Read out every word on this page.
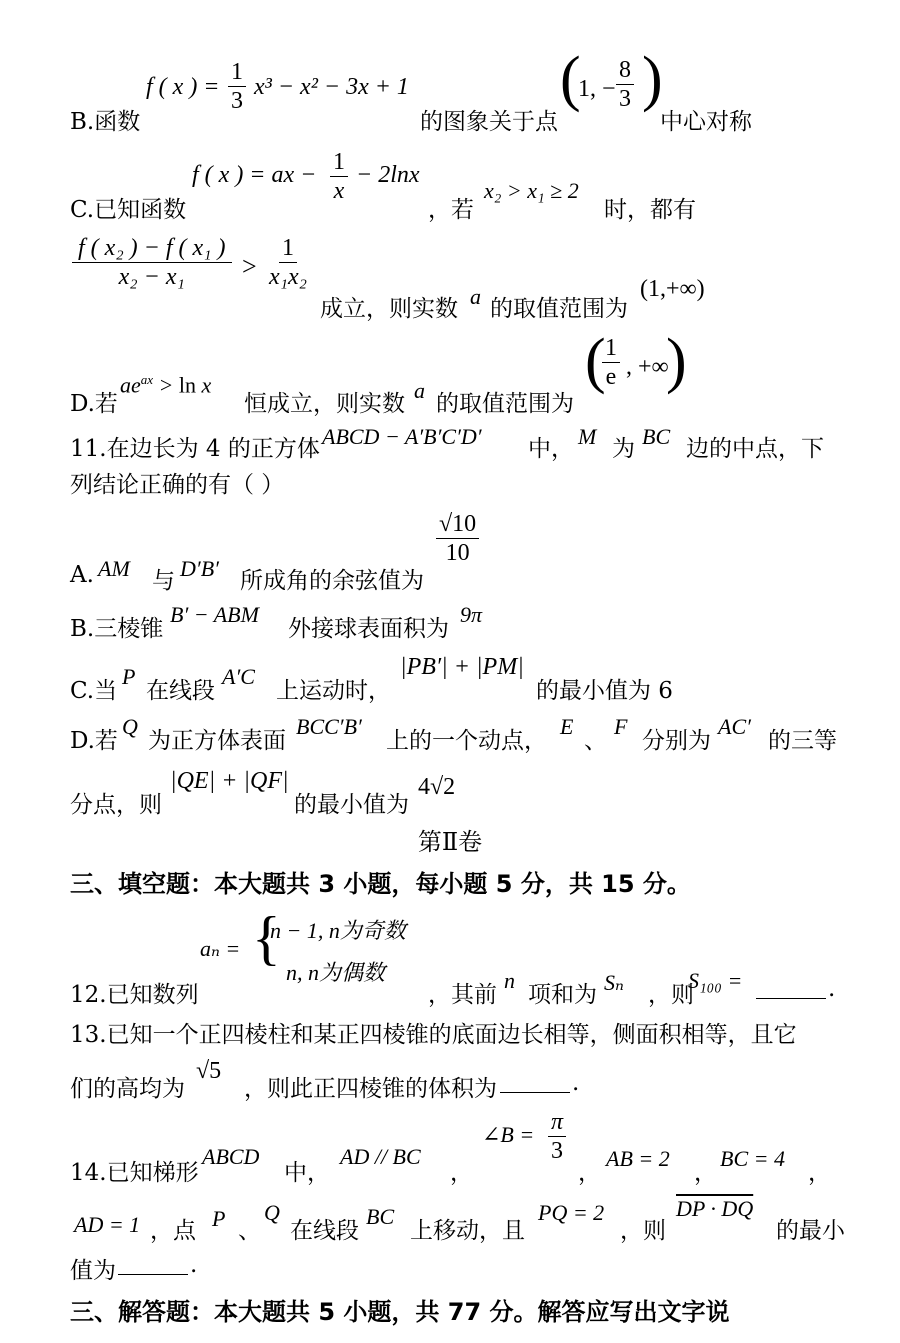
B.函数
f ( x ) = $\frac{1}{3} x^3 - x^2 - 3x + 1$
的图象关于点
(
1, − $\frac{8}{3}$ )
中心对称
C.已知函数
f ( x ) = ax − $\frac{1}{x} - 2\ln x$
，若
x₂ > x₁ ≥ 2
时，都有
$\frac{\text{f ( x₂ ) − f ( x₁ )}}{\text{x₂ − x₁}} > \frac{1}{\text{x₁x₂}}$
成立，则实数 a 的取值范围为
(1,+∞)
D.若
$ae^{ax} > \ln x$
恒成立，则实数
a
的取值范围为
(
$\frac{1}{e}$ , +∞
)
11.在边长为 4 的正方体 ABCD − A′B′C′D′ 中， M 为 BC 边的中点，下
列结论正确的有（ ）
A. AM 与 D′B′ 所成角的余弦值为
$\frac{√10}{10}$
B.三棱锥
B′ − ABM
外接球表面积为
9π
C.当
P
在线段
A′C
上运动时，
|PB′| + |PM|
的最小值为 6
D.若
Q
为正方体表面
BCC′B′
上的一个动点，
E
、
F
分别为
AC′
的三等
分点，则
|QE| + |QF|
的最小值为
4√2
第Ⅱ卷
三、填空题：本大题共 3 小题，每小题 5 分，共 15 分。
aₙ = {
n − 1, n为奇数
n, n为偶数
12.已知数列	，其前
n
项和为 Sₙ ，则
S₁₀₀ =	.
13.已知一个正四棱柱和某正四棱锥的底面边长相等，侧面积相等，且它
们的高均为
√5
，则此正四棱锥的体积为	.
14.已知梯形
ABCD
中，
AD // BC
，
∠B = $\frac{\pi}{3}$
，
AB = 2
，
BC = 4
，
AD = 1 ，点 P 、
Q
在线段
BC
上移动，且
PQ = 2
，则
DP · DQ
的最小
值为	.
三、解答题：本大题共 5 小题，共 77 分。解答应写出文字说
